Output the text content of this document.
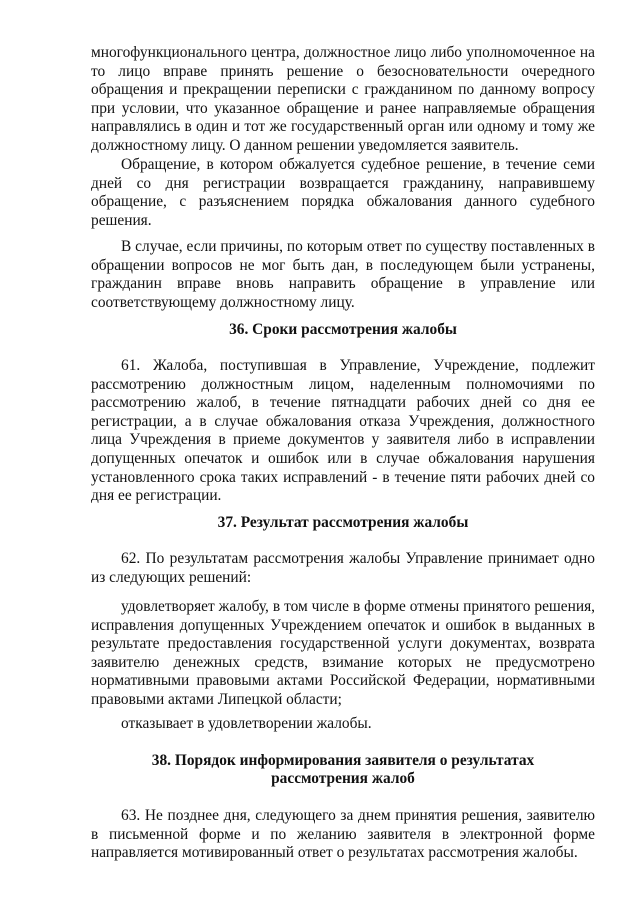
многофункционального центра, должностное лицо либо уполномоченное на то лицо вправе принять решение о безосновательности очередного обращения и прекращении переписки с гражданином по данному вопросу при условии, что указанное обращение и ранее направляемые обращения направлялись в один и тот же государственный орган или одному и тому же должностному лицу. О данном решении уведомляется заявитель.

Обращение, в котором обжалуется судебное решение, в течение семи дней со дня регистрации возвращается гражданину, направившему обращение, с разъяснением порядка обжалования данного судебного решения.

В случае, если причины, по которым ответ по существу поставленных в обращении вопросов не мог быть дан, в последующем были устранены, гражданин вправе вновь направить обращение в управление или соответствующему должностному лицу.

36. Сроки рассмотрения жалобы

61. Жалоба, поступившая в Управление, Учреждение, подлежит рассмотрению должностным лицом, наделенным полномочиями по рассмотрению жалоб, в течение пятнадцати рабочих дней со дня ее регистрации, а в случае обжалования отказа Учреждения, должностного лица Учреждения в приеме документов у заявителя либо в исправлении допущенных опечаток и ошибок или в случае обжалования нарушения установленного срока таких исправлений - в течение пяти рабочих дней со дня ее регистрации.

37. Результат рассмотрения жалобы

62. По результатам рассмотрения жалобы Управление принимает одно из следующих решений:

удовлетворяет жалобу, в том числе в форме отмены принятого решения, исправления допущенных Учреждением опечаток и ошибок в выданных в результате предоставления государственной услуги документах, возврата заявителю денежных средств, взимание которых не предусмотрено нормативными правовыми актами Российской Федерации, нормативными правовыми актами Липецкой области;

отказывает в удовлетворении жалобы.

38. Порядок информирования заявителя о результатах
рассмотрения жалоб

63. Не позднее дня, следующего за днем принятия решения, заявителю в письменной форме и по желанию заявителя в электронной форме направляется мотивированный ответ о результатах рассмотрения жалобы.
